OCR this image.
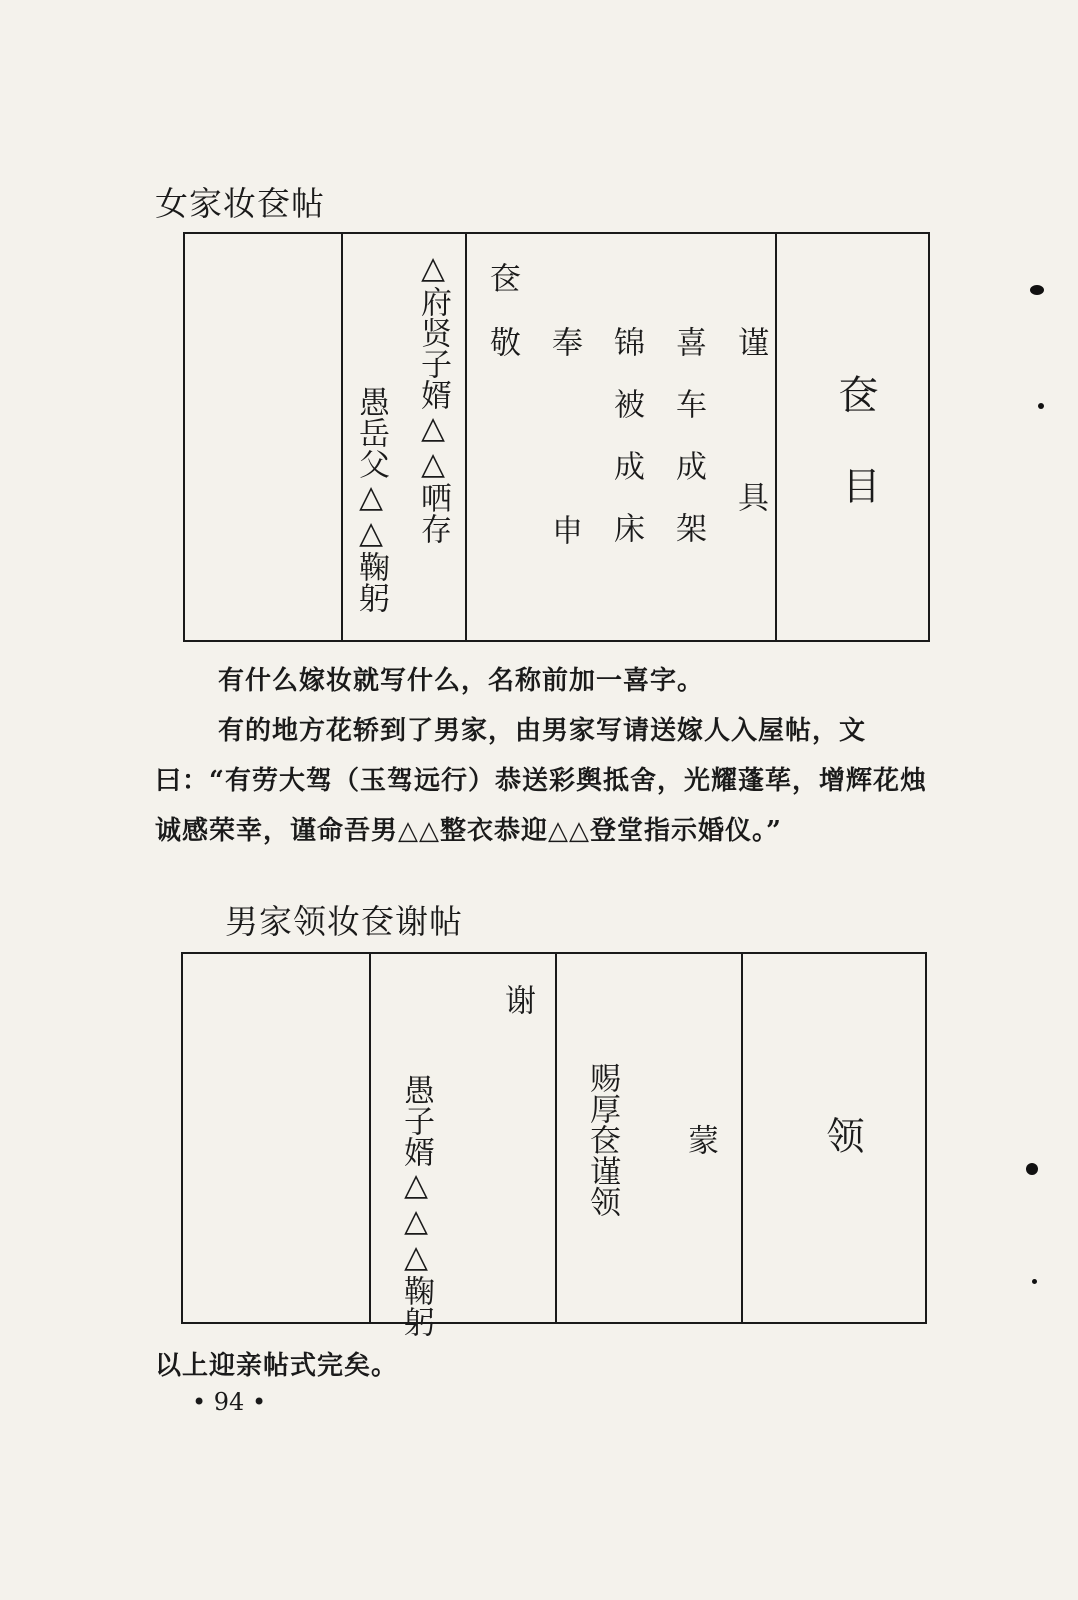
女家妆奁帖
△府贤子婿△△哂存
愚岳父△△鞠躬
奁
敬 奉
申 锦被成床 喜车成架 谨具 奁
目
有什么嫁妆就写什么，名称前加一喜字。
有的地方花轿到了男家，由男家写请送嫁人入屋帖，文
曰：“有劳大驾（玉驾远行）恭送彩舆抵舍，光耀蓬荜，增辉花烛
诚感荣幸，谨命吾男△△整衣恭迎△△登堂指示婚仪。”
男家领妆奁谢帖
谢
愚子婿△△△鞠躬	赐厚奁谨领 蒙	领
以上迎亲帖式完矣。
• 94 •
